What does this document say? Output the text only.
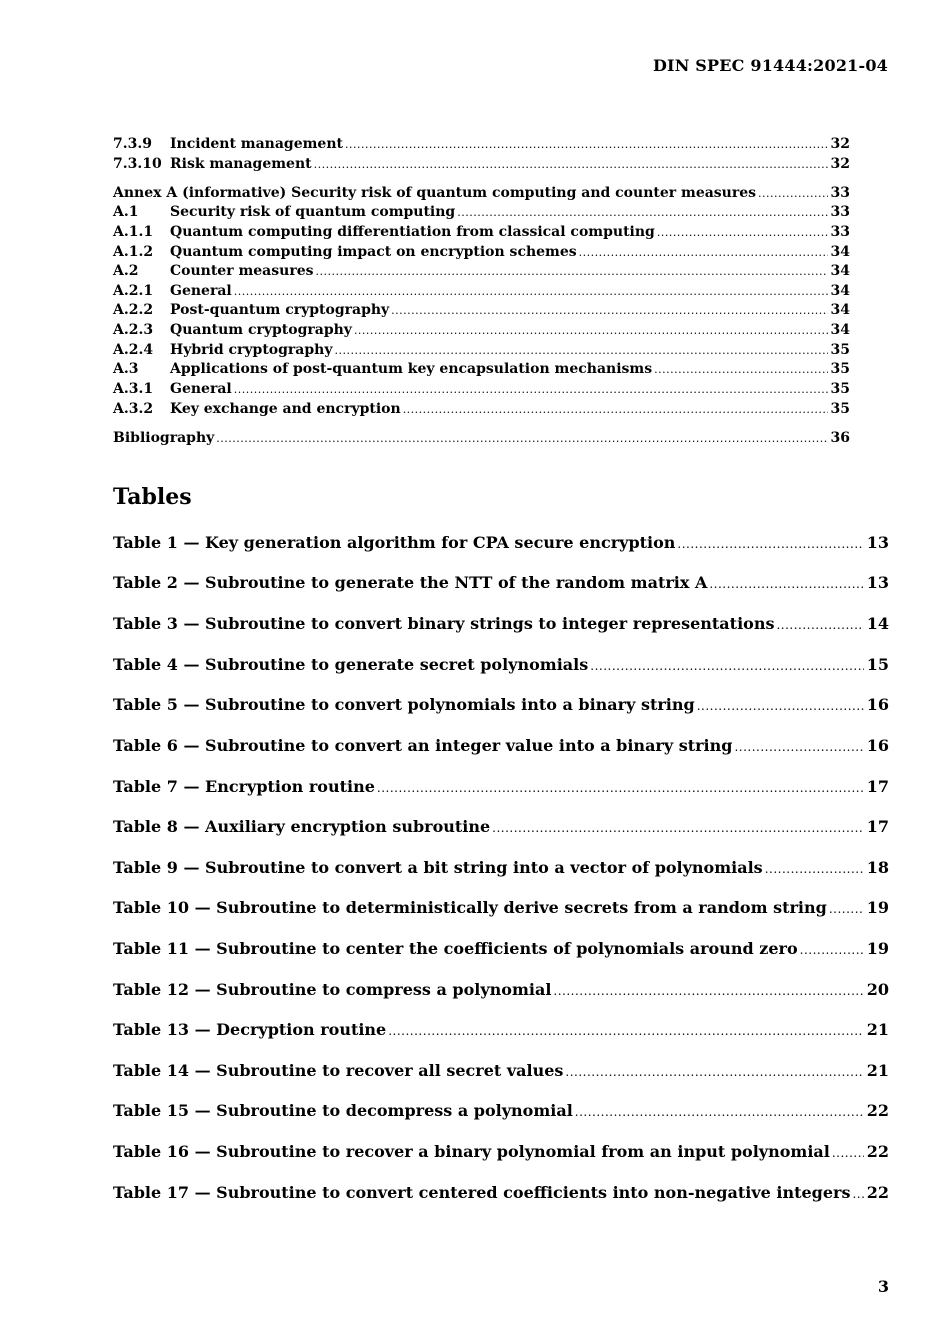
DIN SPEC 91444:2021-04
7.3.9	Incident management .....	32
7.3.10 Risk management .....	32
Annex A (informative) Security risk of quantum computing and counter measures .....	33
A.1	Security risk of quantum computing .....	33
A.1.1	Quantum computing differentiation from classical computing .....	33
A.1.2	Quantum computing impact on encryption schemes .....	34
A.2	Counter measures .....	34
A.2.1	General .....	34
A.2.2	Post-quantum cryptography .....	34
A.2.3	Quantum cryptography .....	34
A.2.4	Hybrid cryptography .....	35
A.3	Applications of post-quantum key encapsulation mechanisms .....	35
A.3.1	General .....	35
A.3.2	Key exchange and encryption .....	35
Bibliography .....	36
Tables
Table 1 — Key generation algorithm for CPA secure encryption .....	13
Table 2 — Subroutine to generate the NTT of the random matrix A .....	13
Table 3 — Subroutine to convert binary strings to integer representations .....	14
Table 4 — Subroutine to generate secret polynomials .....	15
Table 5 — Subroutine to convert polynomials into a binary string .....	16
Table 6 — Subroutine to convert an integer value into a binary string .....	16
Table 7 — Encryption routine .....	17
Table 8 — Auxiliary encryption subroutine .....	17
Table 9 — Subroutine to convert a bit string into a vector of polynomials .....	18
Table 10 — Subroutine to deterministically derive secrets from a random string ..... 19
Table 11 — Subroutine to center the coefficients of polynomials around zero .....	19
Table 12 — Subroutine to compress a polynomial .....	20
Table 13 — Decryption routine .....	21
Table 14 — Subroutine to recover all secret values .....	21
Table 15 — Subroutine to decompress a polynomial .....	22
Table 16 — Subroutine to recover a binary polynomial from an input polynomial ..... 22
Table 17 — Subroutine to convert centered coefficients into non-negative integers ..... 22
3
